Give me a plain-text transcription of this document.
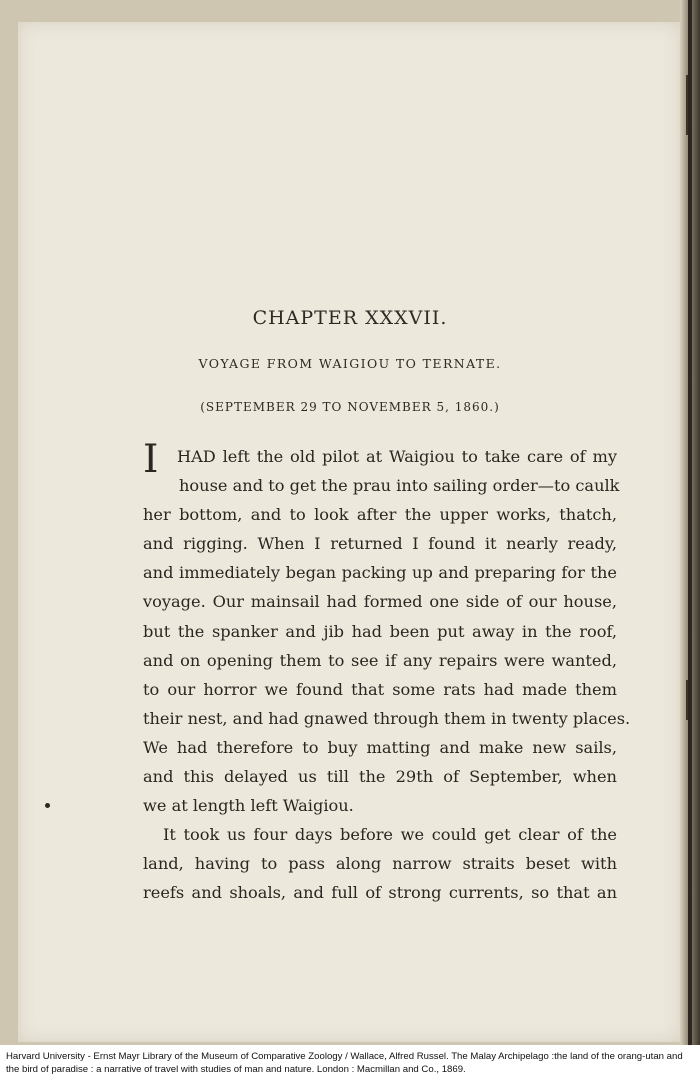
CHAPTER XXXVII.
VOYAGE FROM WAIGIOU TO TERNATE.
(SEPTEMBER 29 TO NOVEMBER 5, 1860.)
I	HAD left the old pilot at Waigiou to take care of my
house and to get the prau into sailing order—to caulk
her bottom, and to look after the upper works, thatch,
and rigging. When I returned I found it nearly ready,
and immediately began packing up and preparing for the
voyage. Our mainsail had formed one side of our house,
but the spanker and jib had been put away in the roof,
and on opening them to see if any repairs were wanted,
to our horror we found that some rats had made them
their nest, and had gnawed through them in twenty places.
We had therefore to buy matting and make new sails,
and this delayed us till the 29th of September, when
we at length left Waigiou.
It took us four days before we could get clear of the
land, having to pass along narrow straits beset with
reefs and shoals, and full of strong currents, so that an
Harvard University - Ernst Mayr Library of the Museum of Comparative Zoology / Wallace, Alfred Russel. The Malay Archipelago :the land of the orang-utan and the bird of paradise : a narrative of travel with studies of man and nature. London : Macmillan and Co., 1869.
